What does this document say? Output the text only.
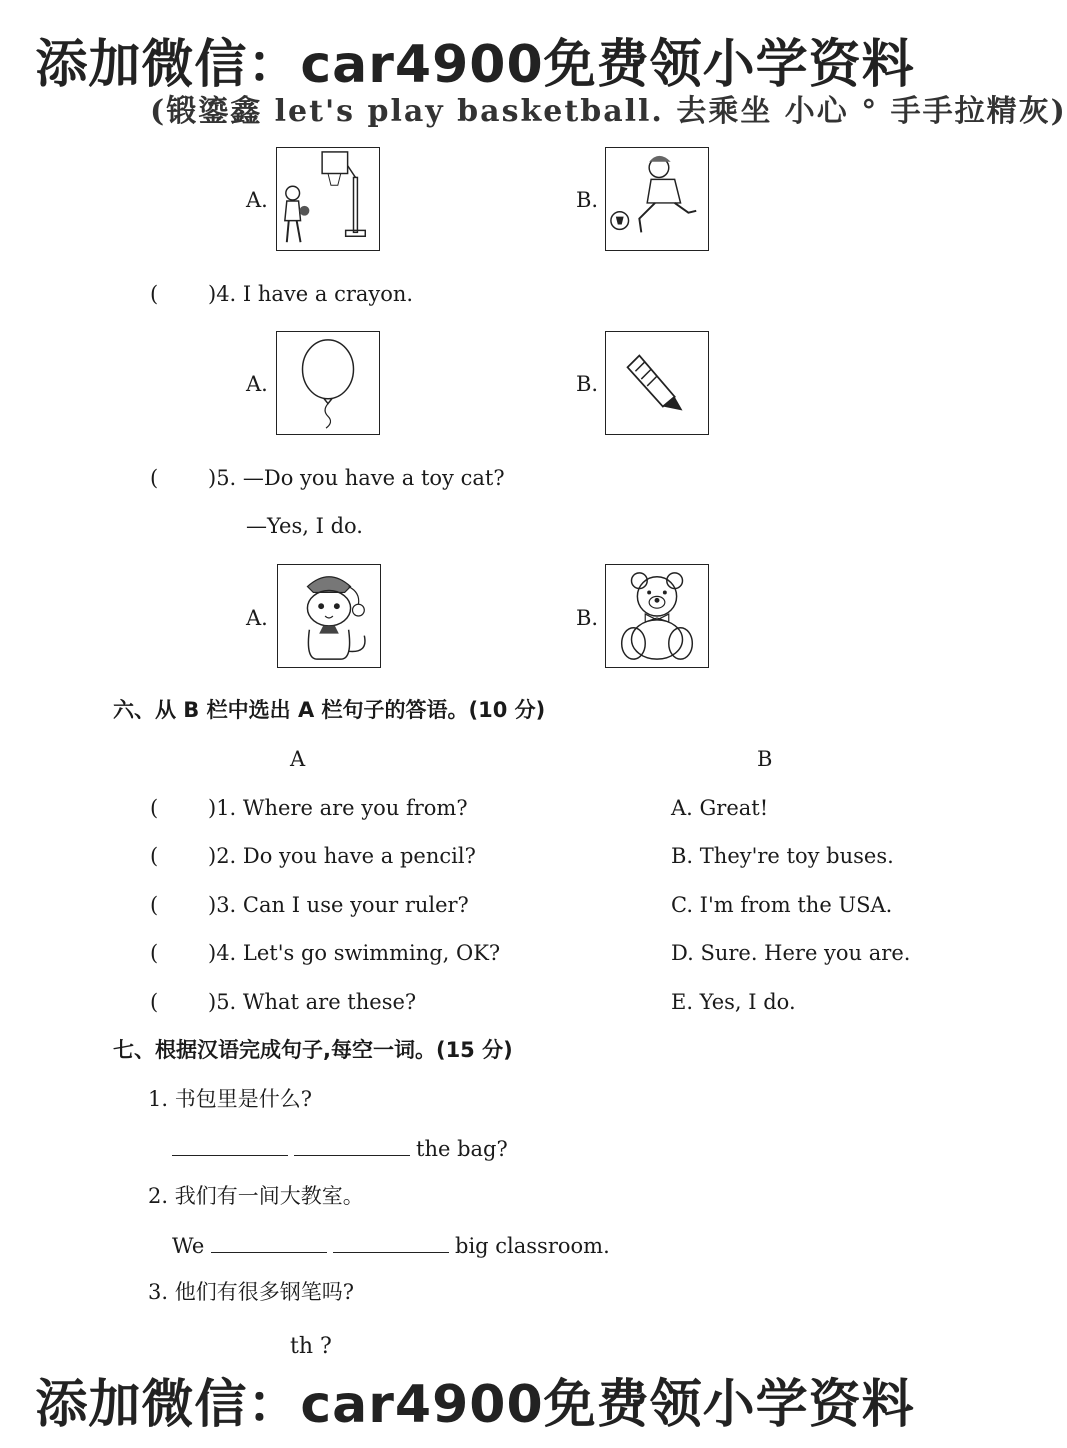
添加微信：car4900免费领小学资料
(锻鎏鑫 let's play basketball. 去乘坐 小心 ° 手手拉精灰)
A.	B.
( )4. I have a crayon.
A.	B.
( )5. —Do you have a toy cat?
—Yes, I do.
A.	B.
六、从 B 栏中选出 A 栏句子的答语。(10 分)
A	B
( )1. Where are you from?	A. Great!
( )2. Do you have a pencil?	B. They're toy buses.
( )3. Can I use your ruler?	C. I'm from the USA.
( )4. Let's go swimming, OK?	D. Sure. Here you are.
( )5. What are these?	E. Yes, I do.
七、根据汉语完成句子,每空一词。(15 分)
1. 书包里是什么?
the bag?
2. 我们有一间大教室。
We	big classroom.
3. 他们有很多钢笔吗?
th ?
添加微信：car4900免费领小学资料
